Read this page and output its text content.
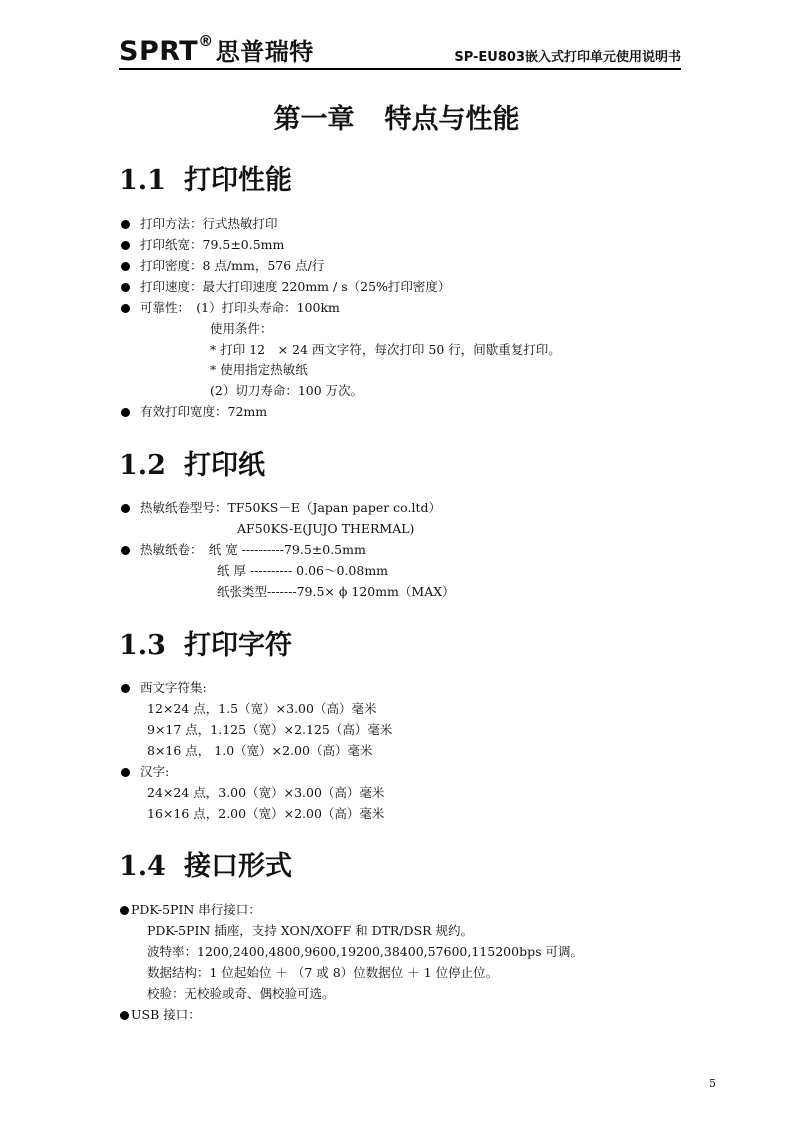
SPRT®思普瑞特	SP-EU803嵌入式打印单元使用说明书
第一章 特点与性能
1.1 打印性能
打印方法：行式热敏打印
打印纸宽：79.5±0.5mm
打印密度：8 点/mm，576 点/行
打印速度：最大打印速度 220mm / s（25%打印密度）
可靠性：　(1）打印头寿命：100km
使用条件：
* 打印 12　× 24 西文字符，每次打印 50 行，间歇重复打印。
* 使用指定热敏纸
(2）切刀寿命：100 万次。
有效打印宽度：72mm
1.2 打印纸
热敏纸卷型号：TF50KS－E（Japan paper co.ltd）
AF50KS-E(JUJO THERMAL)
热敏纸卷：　纸 宽 ----------79.5±0.5mm
纸 厚 ---------- 0.06～0.08mm
纸张类型-------79.5× ϕ 120mm（MAX）
1.3 打印字符
西文字符集:
12×24 点，1.5（宽）×3.00（高）毫米
9×17 点，1.125（宽）×2.125（高）毫米
8×16 点， 1.0（宽）×2.00（高）毫米
汉字:
24×24 点，3.00（宽）×3.00（高）毫米
16×16 点，2.00（宽）×2.00（高）毫米
1.4 接口形式
PDK-5PIN 串行接口：
PDK-5PIN 插座，支持 XON/XOFF 和 DTR/DSR 规约。
波特率：1200,2400,4800,9600,19200,38400,57600,115200bps 可调。
数据结构：1 位起始位 ＋ （7 或 8）位数据位 ＋ 1 位停止位。
校验：无校验或奇、偶校验可选。
USB 接口：
5
